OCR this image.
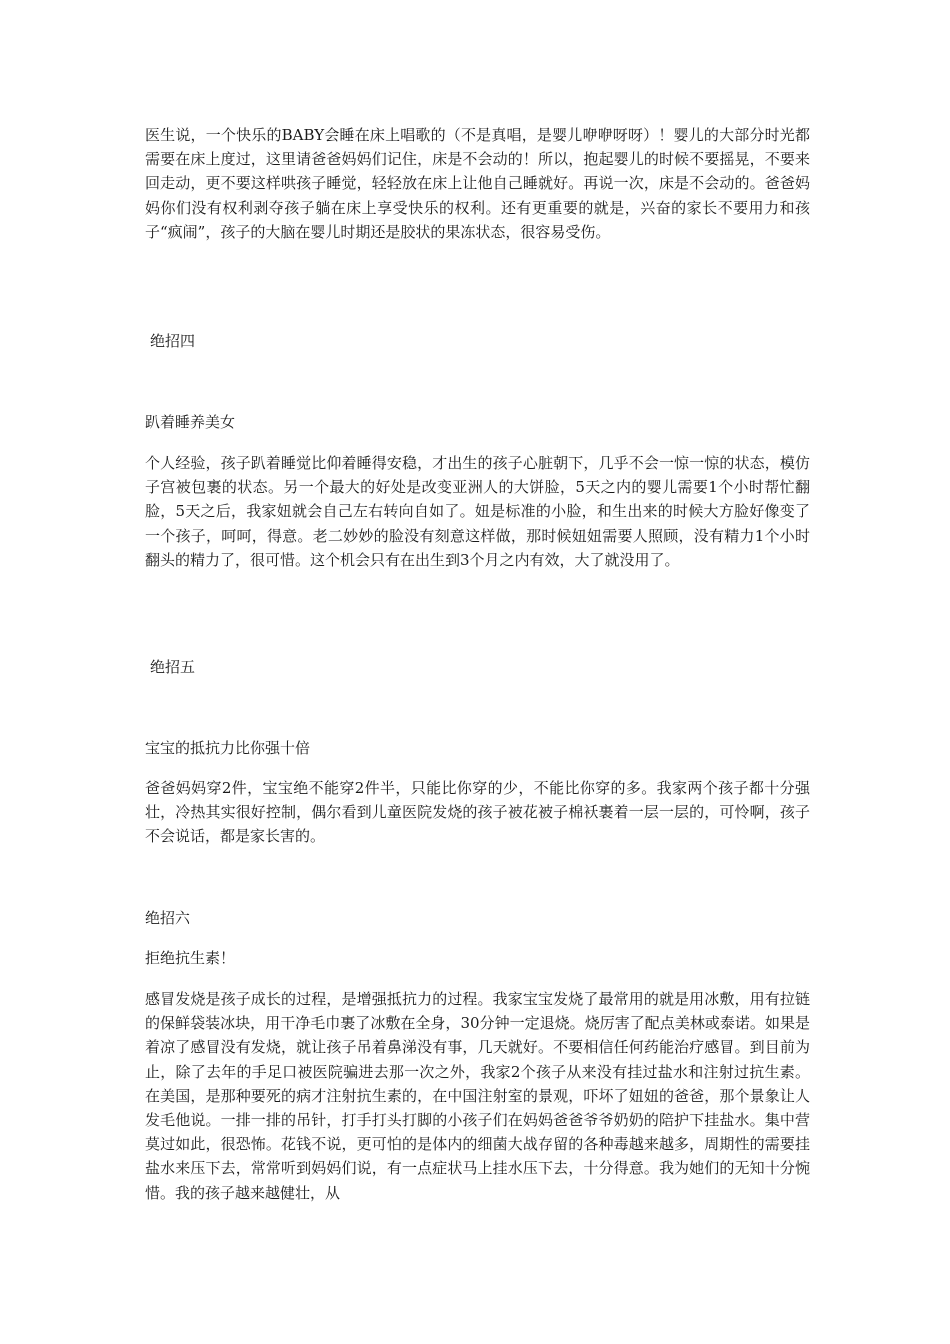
医生说，一个快乐的BABY会睡在床上唱歌的（不是真唱，是婴儿咿咿呀呀）！婴儿的大部分时光都需要在床上度过，这里请爸爸妈妈们记住，床是不会动的！所以，抱起婴儿的时候不要摇晃，不要来回走动，更不要这样哄孩子睡觉，轻轻放在床上让他自己睡就好。再说一次，床是不会动的。爸爸妈妈你们没有权利剥夺孩子躺在床上享受快乐的权利。还有更重要的就是，兴奋的家长不要用力和孩子“疯闹”，孩子的大脑在婴儿时期还是胶状的果冻状态，很容易受伤。

绝招四

趴着睡养美女

个人经验，孩子趴着睡觉比仰着睡得安稳，才出生的孩子心脏朝下，几乎不会一惊一惊的状态，模仿子宫被包裹的状态。另一个最大的好处是改变亚洲人的大饼脸，5天之内的婴儿需要1个小时帮忙翻脸，5天之后，我家妞就会自己左右转向自如了。妞是标准的小脸，和生出来的时候大方脸好像变了一个孩子，呵呵，得意。老二妙妙的脸没有刻意这样做，那时候妞妞需要人照顾，没有精力1个小时翻头的精力了，很可惜。这个机会只有在出生到3个月之内有效，大了就没用了。

绝招五

宝宝的抵抗力比你强十倍

爸爸妈妈穿2件，宝宝绝不能穿2件半，只能比你穿的少，不能比你穿的多。我家两个孩子都十分强壮，冷热其实很好控制，偶尔看到儿童医院发烧的孩子被花被子棉袄裹着一层一层的，可怜啊，孩子不会说话，都是家长害的。

绝招六

拒绝抗生素！

感冒发烧是孩子成长的过程，是增强抵抗力的过程。我家宝宝发烧了最常用的就是用冰敷，用有拉链的保鲜袋装冰块，用干净毛巾裹了冰敷在全身，30分钟一定退烧。烧厉害了配点美林或泰诺。如果是着凉了感冒没有发烧，就让孩子吊着鼻涕没有事，几天就好。不要相信任何药能治疗感冒。到目前为止，除了去年的手足口被医院骗进去那一次之外，我家2个孩子从来没有挂过盐水和注射过抗生素。在美国，是那种要死的病才注射抗生素的，在中国注射室的景观，吓坏了妞妞的爸爸，那个景象让人发毛他说。一排一排的吊针，打手打头打脚的小孩子们在妈妈爸爸爷爷奶奶的陪护下挂盐水。集中营莫过如此，很恐怖。花钱不说，更可怕的是体内的细菌大战存留的各种毒越来越多，周期性的需要挂盐水来压下去，常常听到妈妈们说，有一点症状马上挂水压下去，十分得意。我为她们的无知十分惋惜。我的孩子越来越健壮，从
